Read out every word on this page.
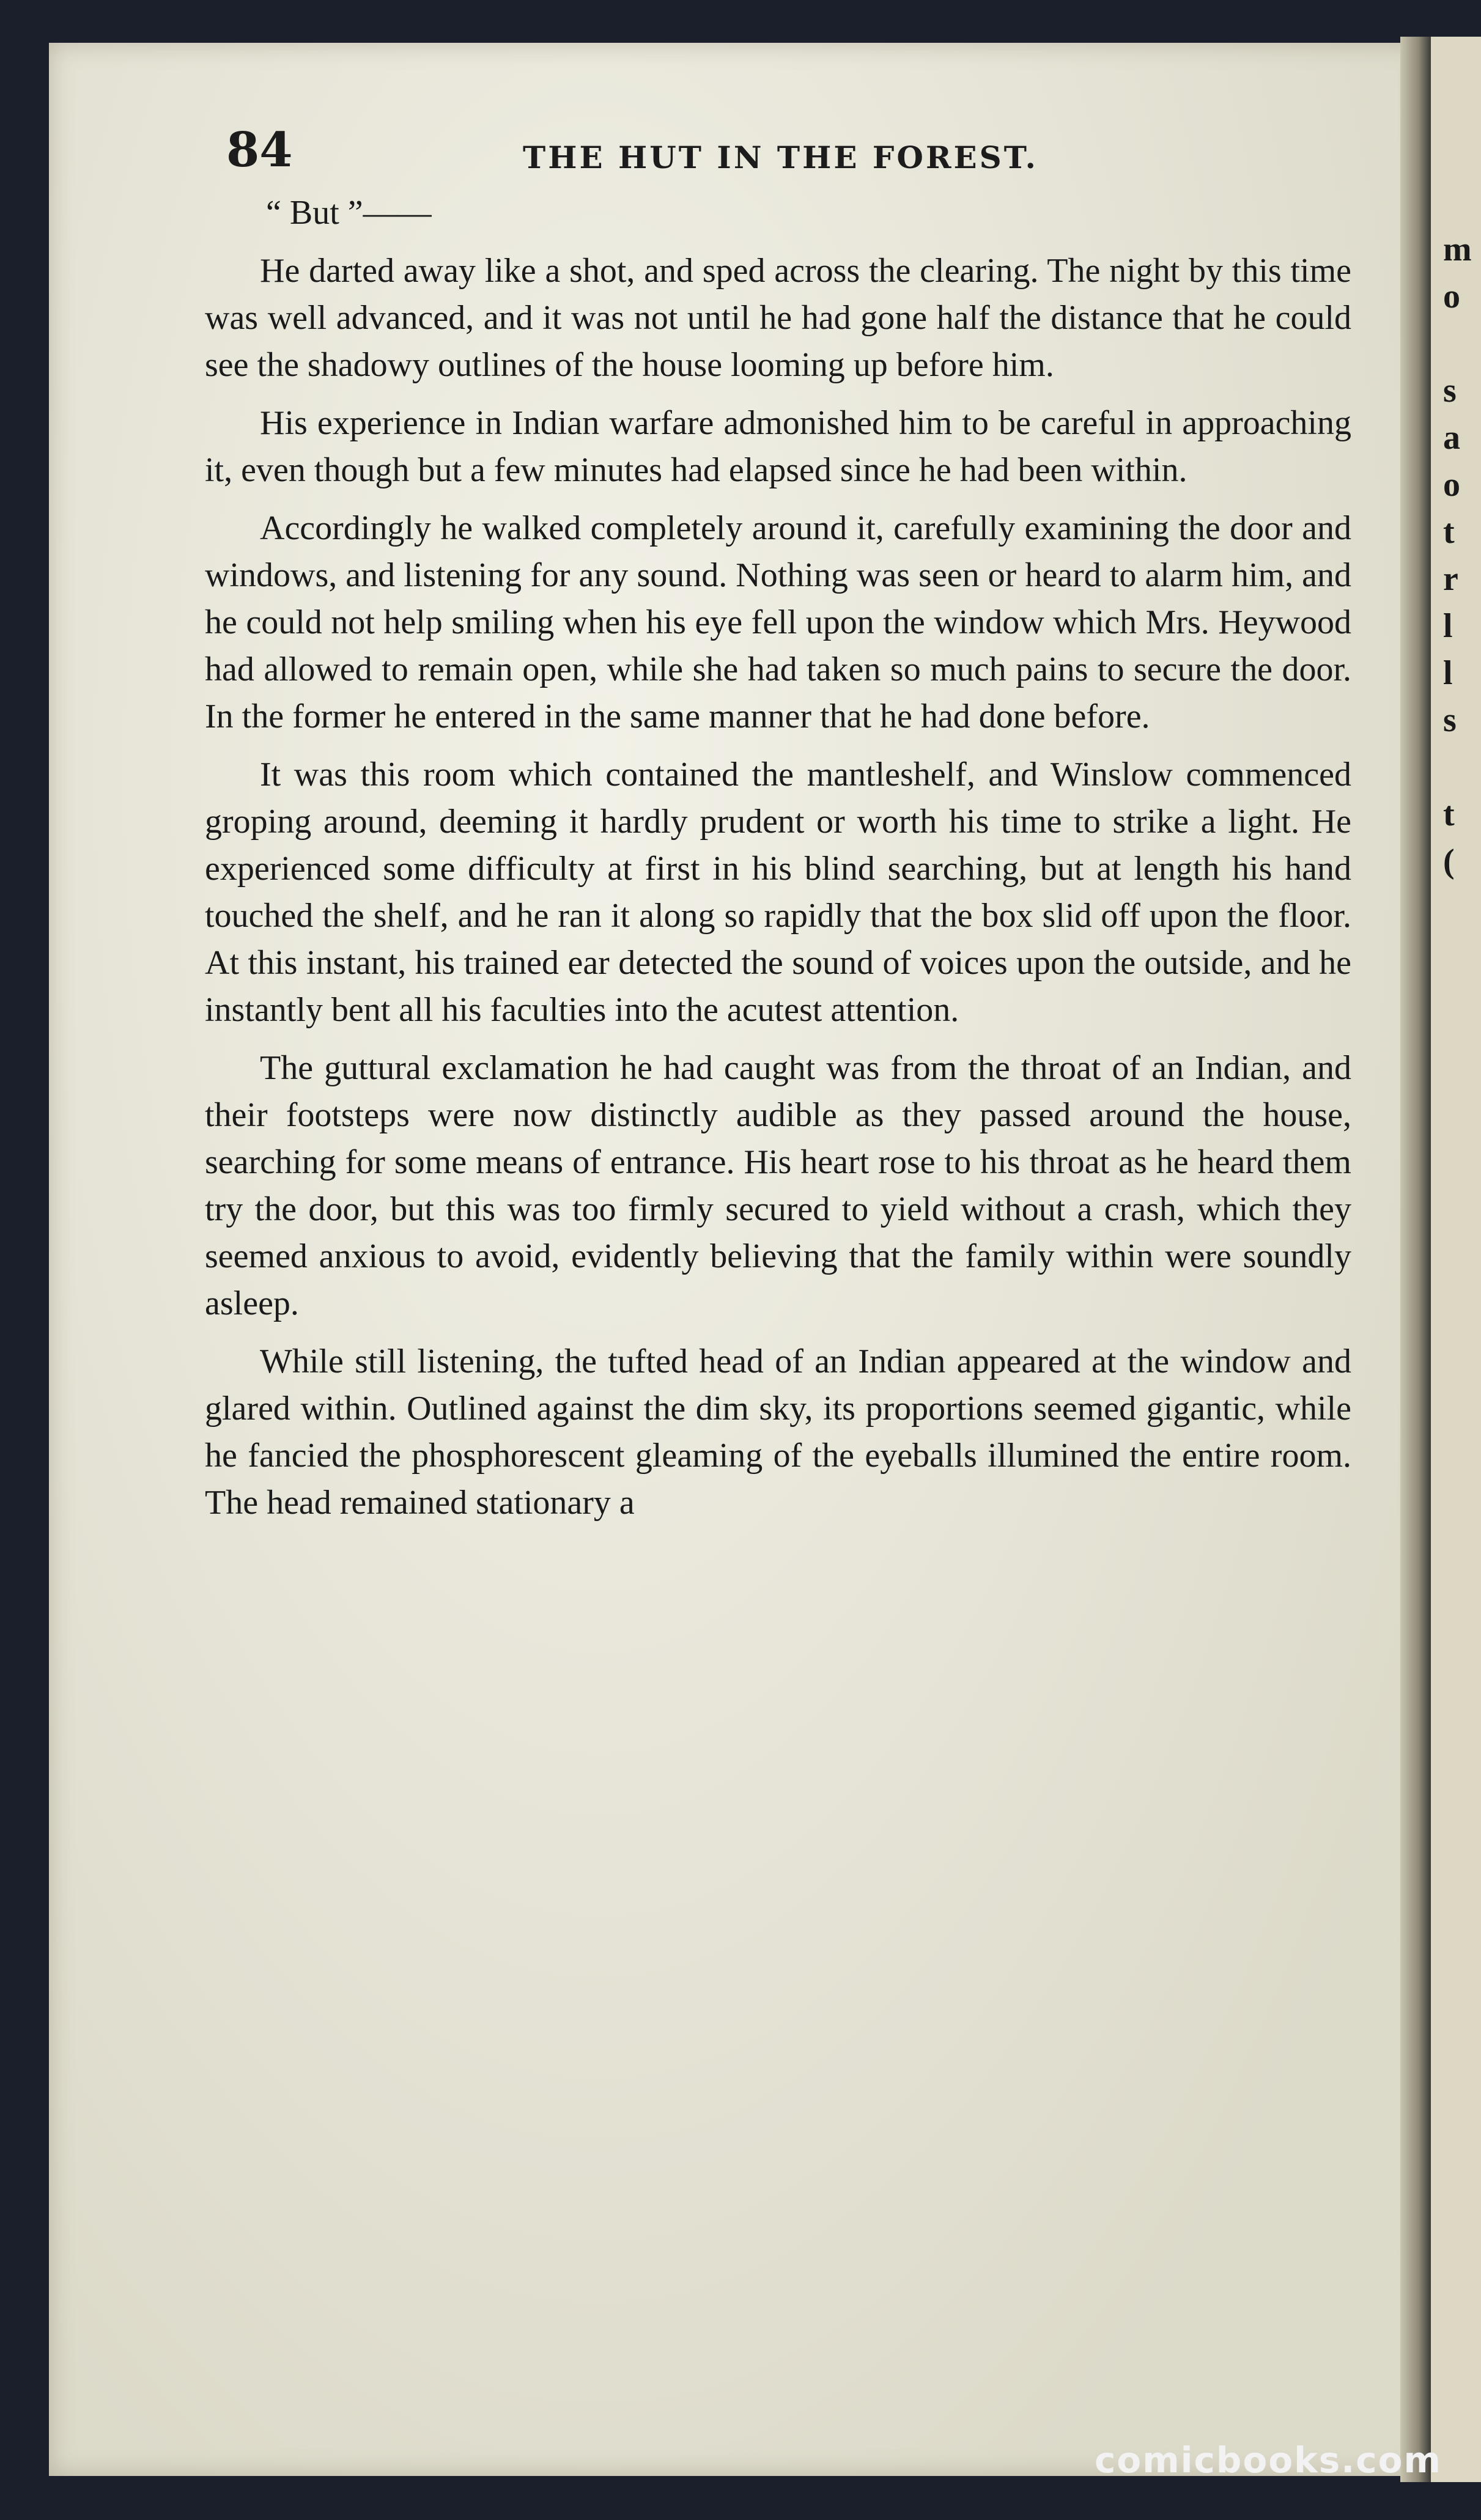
84	THE HUT IN THE FOREST.

“ But ”——

He darted away like a shot, and sped across the clearing. The night by this time was well advanced, and it was not until he had gone half the distance that he could see the shadowy outlines of the house looming up before him.

His experience in Indian warfare admonished him to be careful in approaching it, even though but a few minutes had elapsed since he had been within.

Accordingly he walked completely around it, carefully examining the door and windows, and listening for any sound. Nothing was seen or heard to alarm him, and he could not help smiling when his eye fell upon the window which Mrs. Heywood had allowed to remain open, while she had taken so much pains to secure the door. In the former he entered in the same manner that he had done before.

It was this room which contained the mantleshelf, and Winslow commenced groping around, deeming it hardly prudent or worth his time to strike a light. He experienced some difficulty at first in his blind searching, but at length his hand touched the shelf, and he ran it along so rapidly that the box slid off upon the floor. At this instant, his trained ear detected the sound of voices upon the outside, and he instantly bent all his faculties into the acutest attention.

The guttural exclamation he had caught was from the throat of an Indian, and their footsteps were now distinctly audible as they passed around the house, searching for some means of entrance. His heart rose to his throat as he heard them try the door, but this was too firmly secured to yield without a crash, which they seemed anxious to avoid, evidently believing that the family within were soundly asleep.

While still listening, the tufted head of an Indian appeared at the window and glared within. Outlined against the dim sky, its proportions seemed gigantic, while he fancied the phosphorescent gleaming of the eyeballs illumined the entire room. The head remained stationary a

m
o
s
a
o
t
r
l
l
s
t
(
comicbooks.com
